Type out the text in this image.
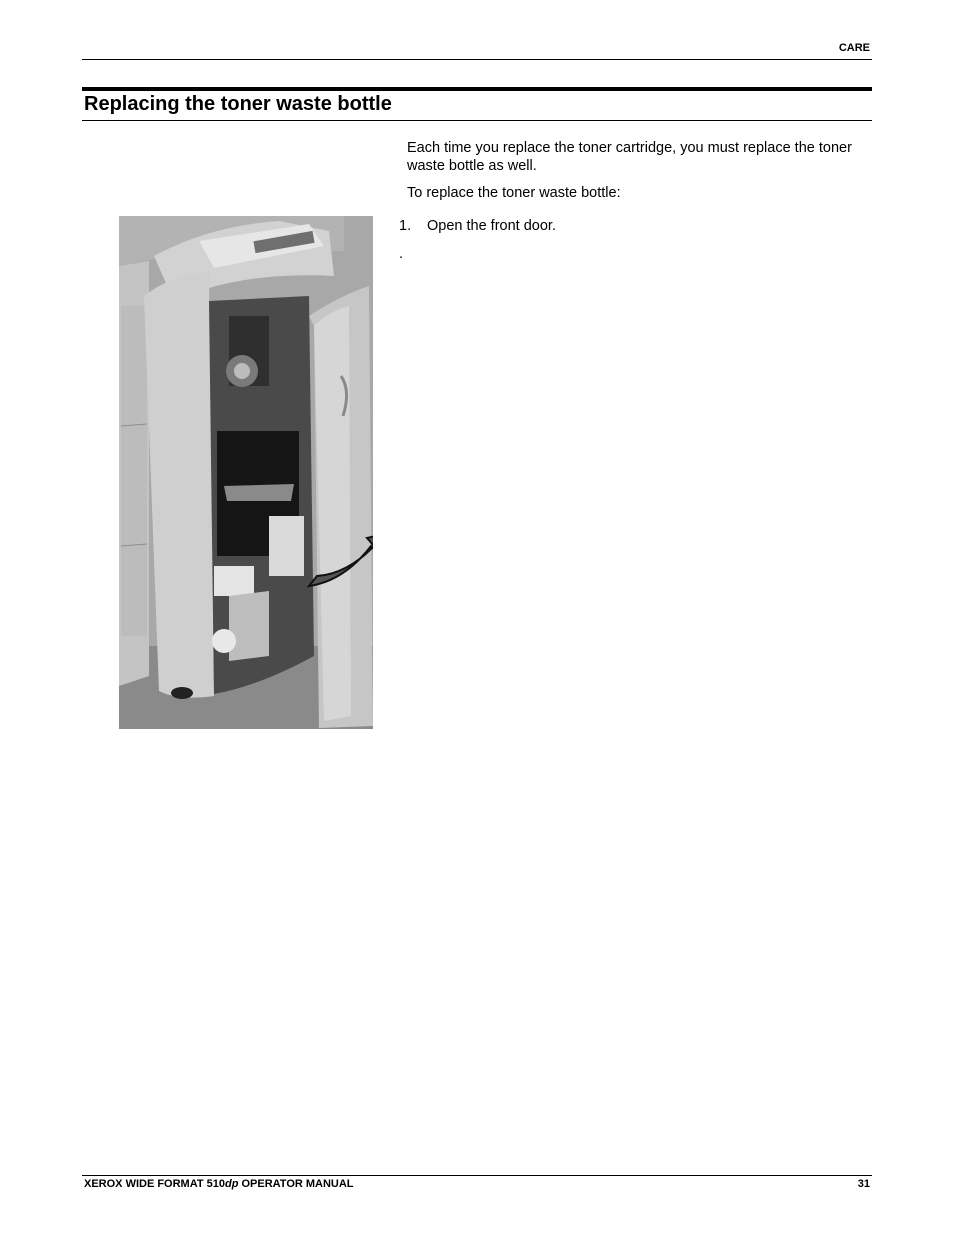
CARE
Replacing the toner waste bottle

Each time you replace the toner cartridge, you must replace the toner waste bottle as well.

To replace the toner waste bottle:

1. Open the front door.
.
XEROX WIDE FORMAT 510dp OPERATOR MANUAL	31
